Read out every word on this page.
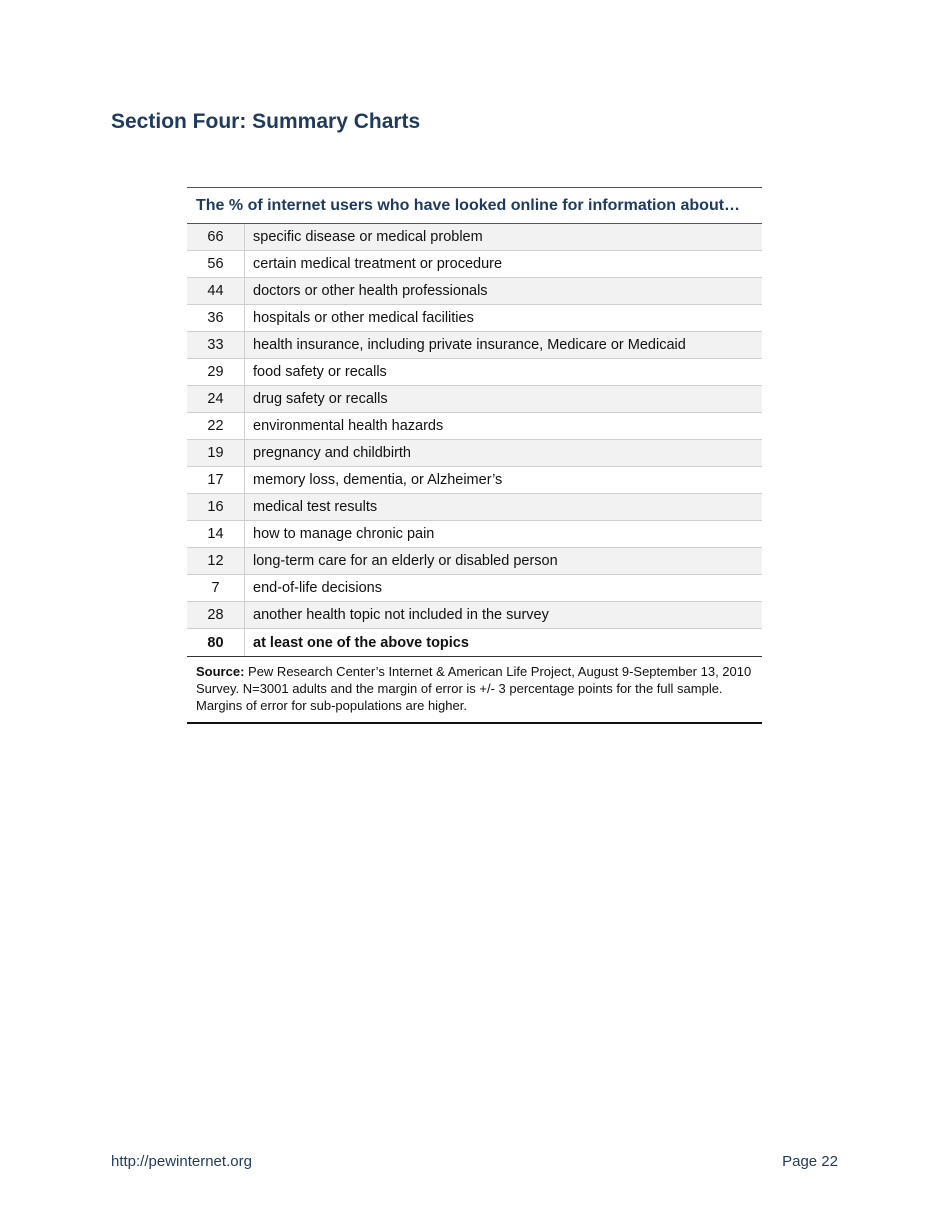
Section Four: Summary Charts
The % of internet users who have looked online for information about…
66	specific disease or medical problem
56	certain medical treatment or procedure
44	doctors or other health professionals
36	hospitals or other medical facilities
33	health insurance, including private insurance, Medicare or Medicaid
29	food safety or recalls
24	drug safety or recalls
22	environmental health hazards
19	pregnancy and childbirth
17	memory loss, dementia, or Alzheimer’s
16	medical test results
14	how to manage chronic pain
12	long-term care for an elderly or disabled person
7	end-of-life decisions
28	another health topic not included in the survey
80	at least one of the above topics
Source: Pew Research Center’s Internet & American Life Project, August 9-September 13, 2010 Survey. N=3001 adults and the margin of error is +/- 3 percentage points for the full sample. Margins of error for sub-populations are higher.
http://pewinternet.org	Page 22
